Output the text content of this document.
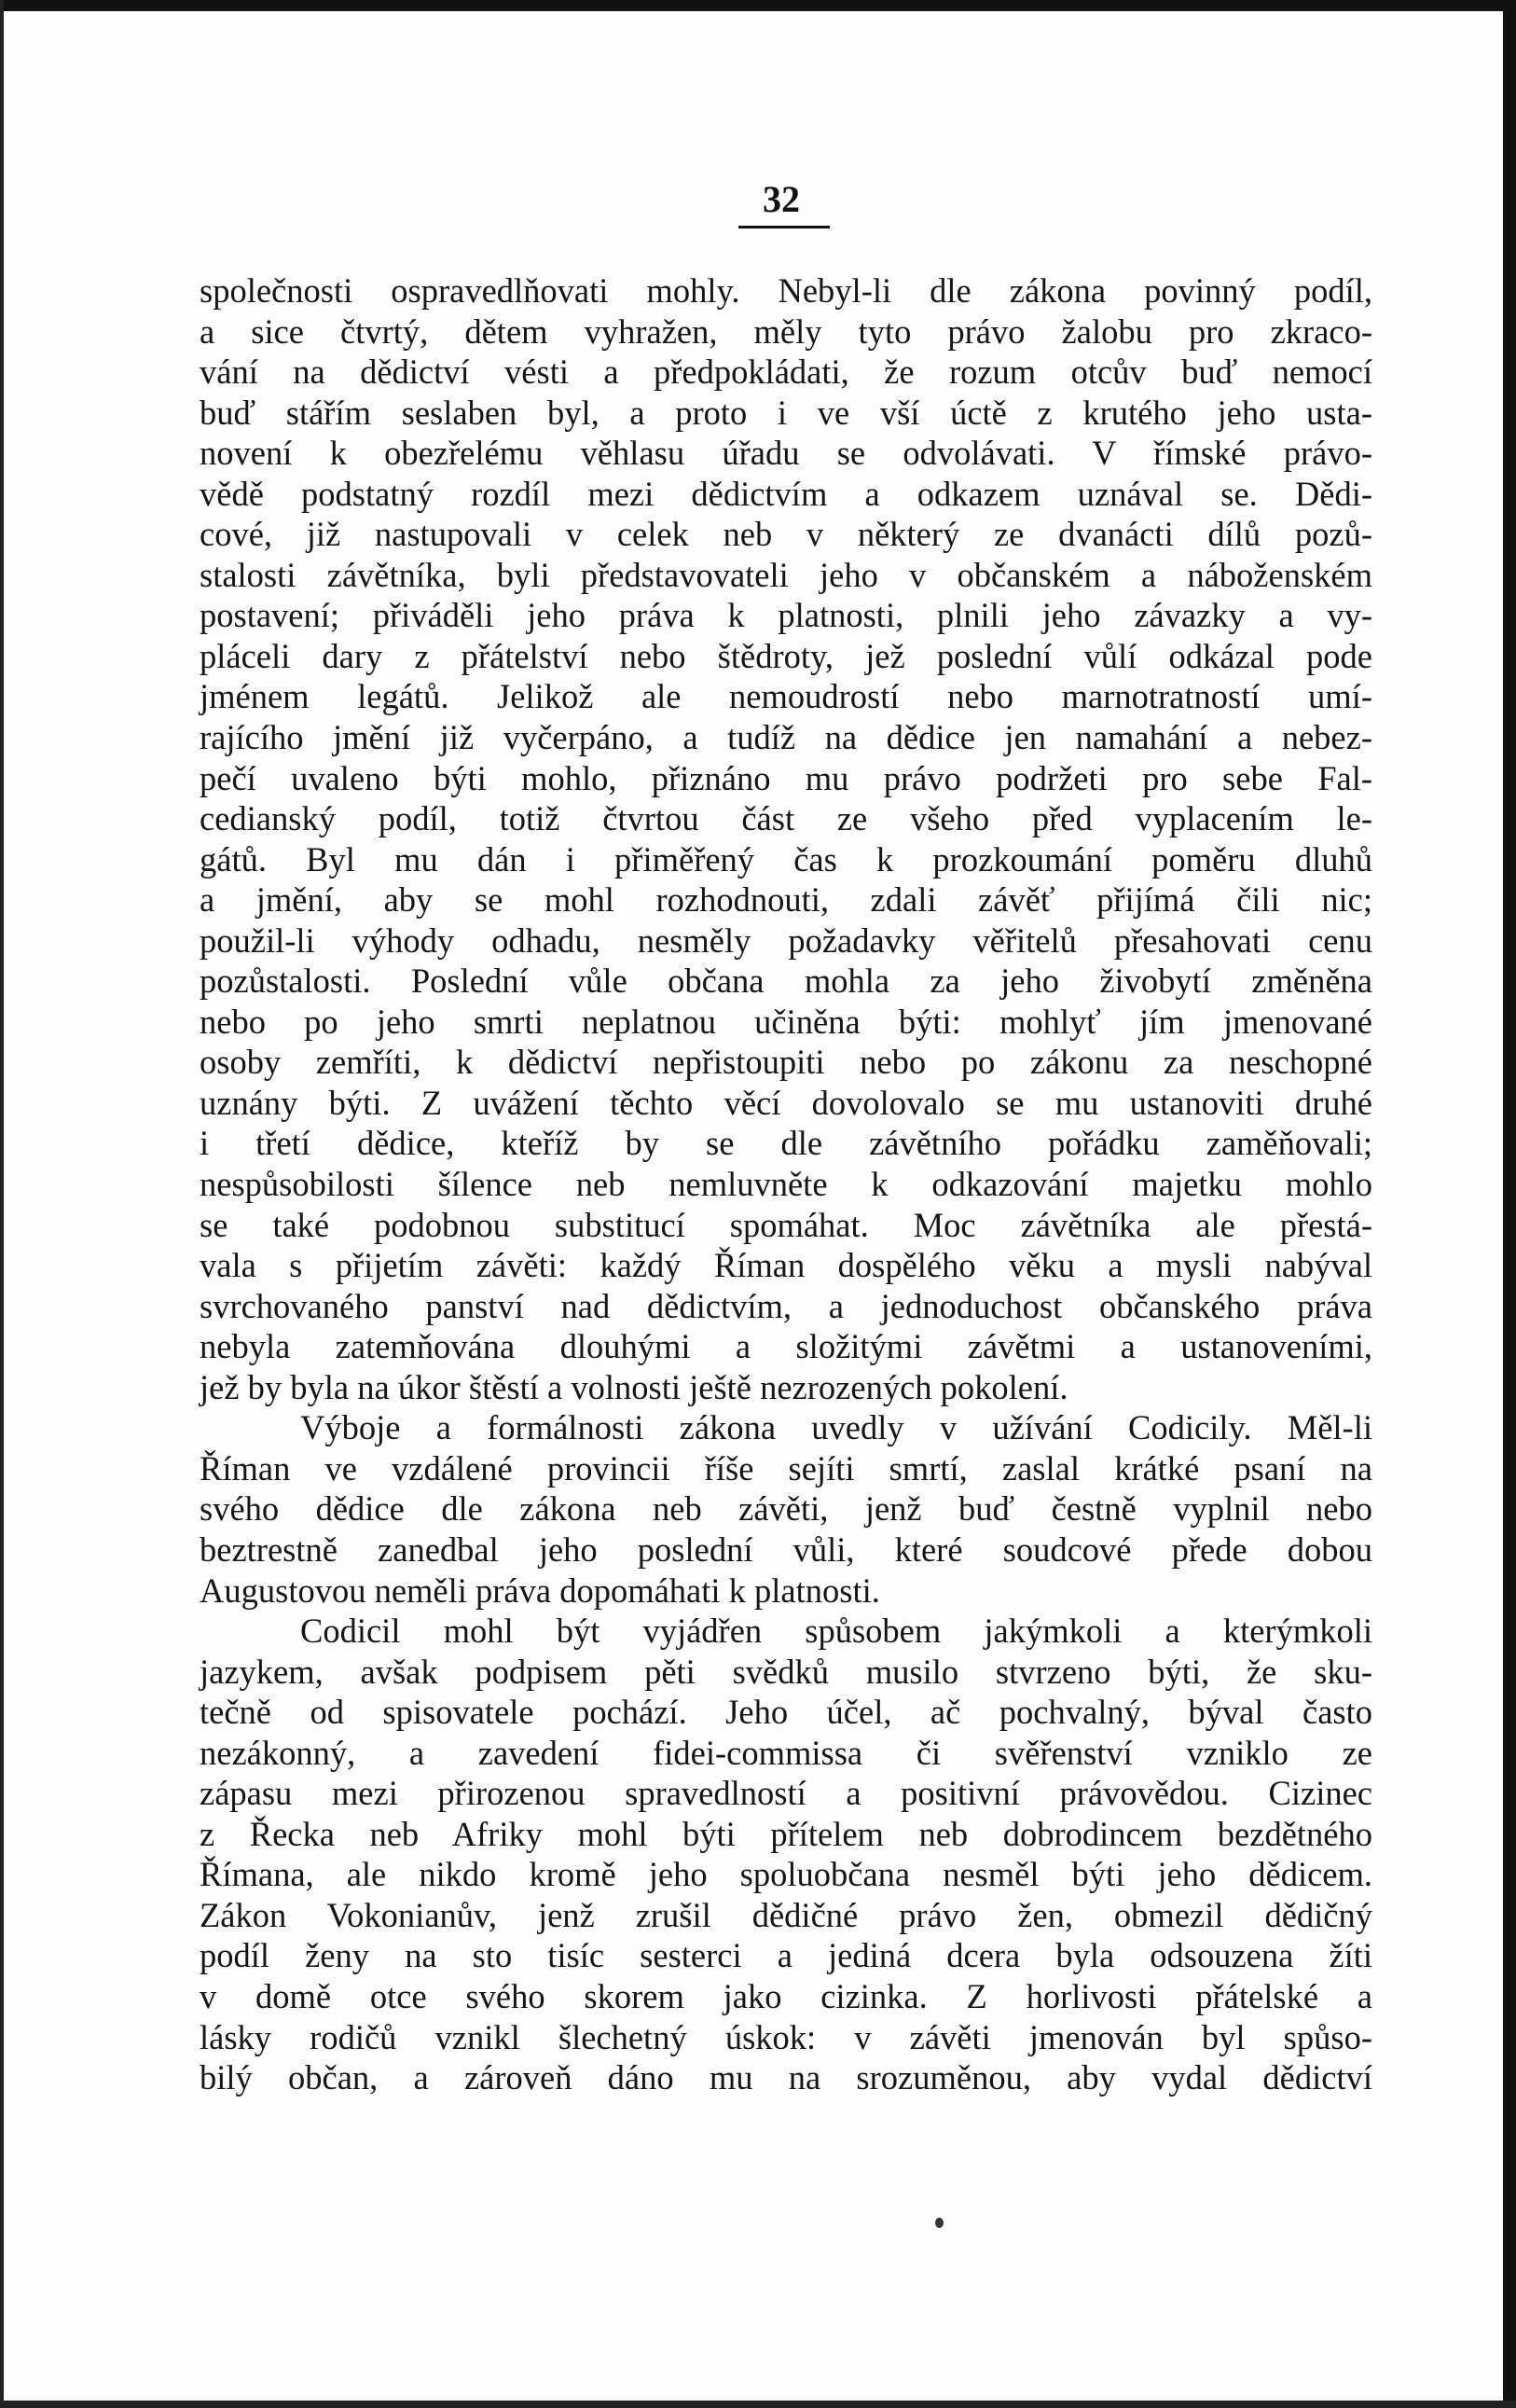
32
společnosti ospravedlňovati mohly. Nebyl-li dle zákona povinný podíl,
a sice čtvrtý, dětem vyhražen, měly tyto právo žalobu pro zkraco-
vání na dědictví vésti a předpokládati, že rozum otcův buď nemocí
buď stářím seslaben byl, a proto i ve vší úctě z krutého jeho usta-
novení k obezřelému věhlasu úřadu se odvolávati. V římské právo-
vědě podstatný rozdíl mezi dědictvím a odkazem uznával se. Dědi-
cové, již nastupovali v celek neb v některý ze dvanácti dílů pozů-
stalosti závětníka, byli představovateli jeho v občanském a náboženském
postavení; přiváděli jeho práva k platnosti, plnili jeho závazky a vy-
pláceli dary z přátelství nebo štědroty, jež poslední vůlí odkázal pode
jménem legátů. Jelikož ale nemoudrostí nebo marnotratností umí-
rajícího jmění již vyčerpáno, a tudíž na dědice jen namahání a nebez-
pečí uvaleno býti mohlo, přiznáno mu právo podržeti pro sebe Fal-
cedianský podíl, totiž čtvrtou část ze všeho před vyplacením le-
gátů. Byl mu dán i přiměřený čas k prozkoumání poměru dluhů
a jmění, aby se mohl rozhodnouti, zdali závěť přijímá čili nic;
použil-li výhody odhadu, nesměly požadavky věřitelů přesahovati cenu
pozůstalosti. Poslední vůle občana mohla za jeho živobytí změněna
nebo po jeho smrti neplatnou učiněna býti: mohlyť jím jmenované
osoby zemříti, k dědictví nepřistoupiti nebo po zákonu za neschopné
uznány býti. Z uvážení těchto věcí dovolovalo se mu ustanoviti druhé
i třetí dědice, kteříž by se dle závětního pořádku zaměňovali;
nespůsobilosti šílence neb nemluvněte k odkazování majetku mohlo
se také podobnou substitucí spomáhat. Moc závětníka ale přestá-
vala s přijetím závěti: každý Říman dospělého věku a mysli nabýval
svrchovaného panství nad dědictvím, a jednoduchost občanského práva
nebyla zatemňována dlouhými a složitými závětmi a ustanoveními,
jež by byla na úkor štěstí a volnosti ještě nezrozených pokolení.
Výboje a formálnosti zákona uvedly v užívání Codicily. Měl-li
Říman ve vzdálené provincii říše sejíti smrtí, zaslal krátké psaní na
svého dědice dle zákona neb závěti, jenž buď čestně vyplnil nebo
beztrestně zanedbal jeho poslední vůli, které soudcové přede dobou
Augustovou neměli práva dopomáhati k platnosti.
Codicil mohl být vyjádřen spůsobem jakýmkoli a kterýmkoli
jazykem, avšak podpisem pěti svědků musilo stvrzeno býti, že sku-
tečně od spisovatele pochází. Jeho účel, ač pochvalný, býval často
nezákonný, a zavedení fidei-commissa či svěřenství vzniklo ze
zápasu mezi přirozenou spravedlností a positivní právovědou. Cizinec
z Řecka neb Afriky mohl býti přítelem neb dobrodincem bezdětného
Římana, ale nikdo kromě jeho spoluobčana nesměl býti jeho dědicem.
Zákon Vokonianův, jenž zrušil dědičné právo žen, obmezil dědičný
podíl ženy na sto tisíc sesterci a jediná dcera byla odsouzena žíti
v domě otce svého skorem jako cizinka. Z horlivosti přátelské a
lásky rodičů vznikl šlechetný úskok: v závěti jmenován byl spůso-
bilý občan, a zároveň dáno mu na srozuměnou, aby vydal dědictví
